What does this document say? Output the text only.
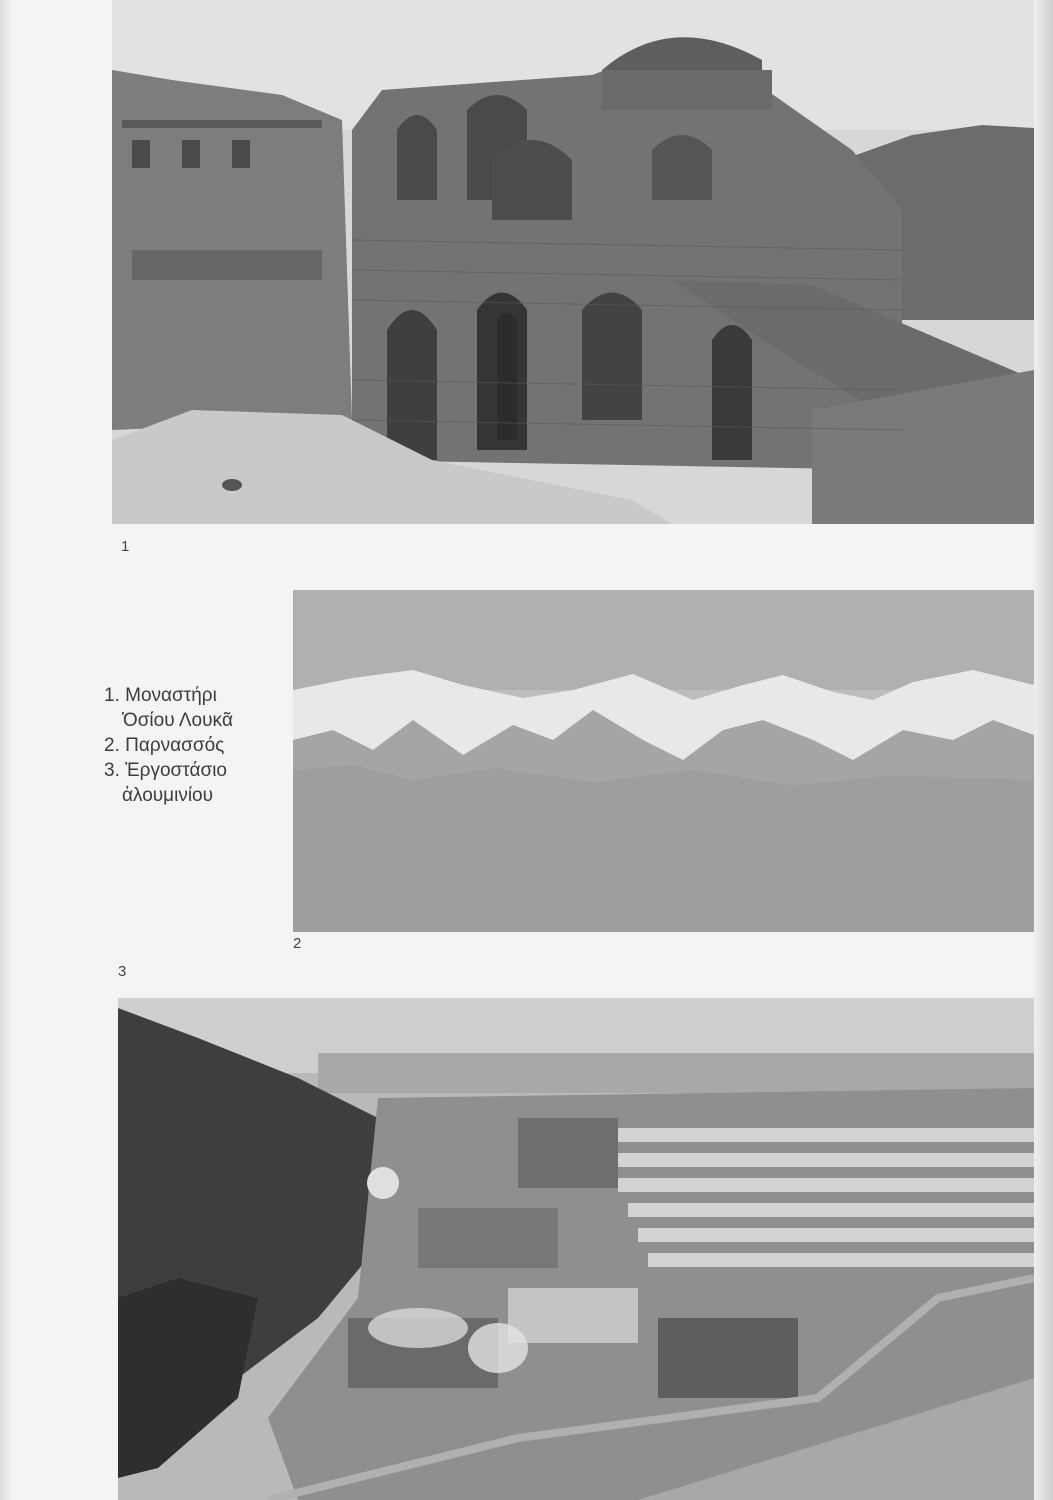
1
2
1. Μοναστήρι
Ὁσίου Λουκᾶ
2. Παρνασσός
3. Ἐργοστάσιο
ἀλουμινίου
3
